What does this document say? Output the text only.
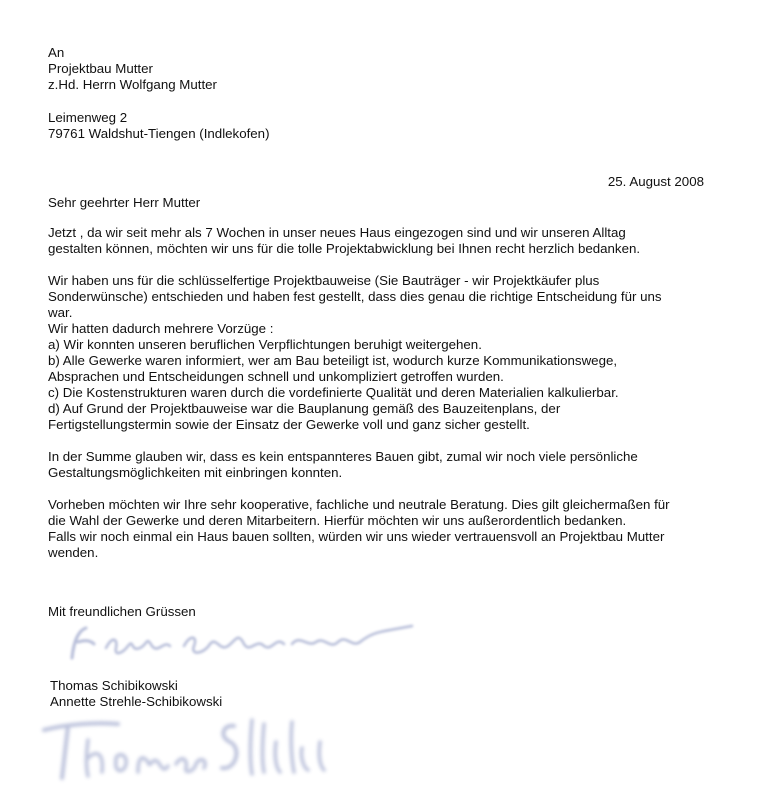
An
Projektbau Mutter
z.Hd. Herrn Wolfgang Mutter
Leimenweg 2
79761 Waldshut-Tiengen (Indlekofen)
25. August 2008
Sehr geehrter Herr Mutter
Jetzt , da wir seit mehr als 7 Wochen in unser neues Haus eingezogen sind und wir unseren Alltag
gestalten können, möchten wir uns für die tolle Projektabwicklung bei Ihnen recht herzlich bedanken.
Wir haben uns für die schlüsselfertige Projektbauweise (Sie Bauträger - wir Projektkäufer plus
Sonderwünsche) entschieden und haben fest gestellt, dass dies genau die richtige Entscheidung für uns
war.
Wir hatten dadurch mehrere Vorzüge :
a) Wir konnten unseren beruflichen Verpflichtungen beruhigt weitergehen.
b) Alle Gewerke waren informiert, wer am Bau beteiligt ist, wodurch kurze Kommunikationswege,
Absprachen und Entscheidungen schnell und unkompliziert getroffen wurden.
c) Die Kostenstrukturen waren durch die vordefinierte Qualität und deren Materialien kalkulierbar.
d) Auf Grund der Projektbauweise war die Bauplanung gemäß des Bauzeitenplans, der
Fertigstellungstermin sowie der Einsatz der Gewerke voll und ganz sicher gestellt.
In der Summe glauben wir, dass es kein entspannteres Bauen gibt, zumal wir noch viele persönliche
Gestaltungsmöglichkeiten mit einbringen konnten.
Vorheben möchten wir Ihre sehr kooperative, fachliche und neutrale Beratung. Dies gilt gleichermaßen für
die Wahl der Gewerke und deren Mitarbeitern. Hierfür möchten wir uns außerordentlich bedanken.
Falls wir noch einmal ein Haus bauen sollten, würden wir uns wieder vertrauensvoll an Projektbau Mutter
wenden.
Mit freundlichen Grüssen
Thomas Schibikowski
Annette Strehle-Schibikowski
